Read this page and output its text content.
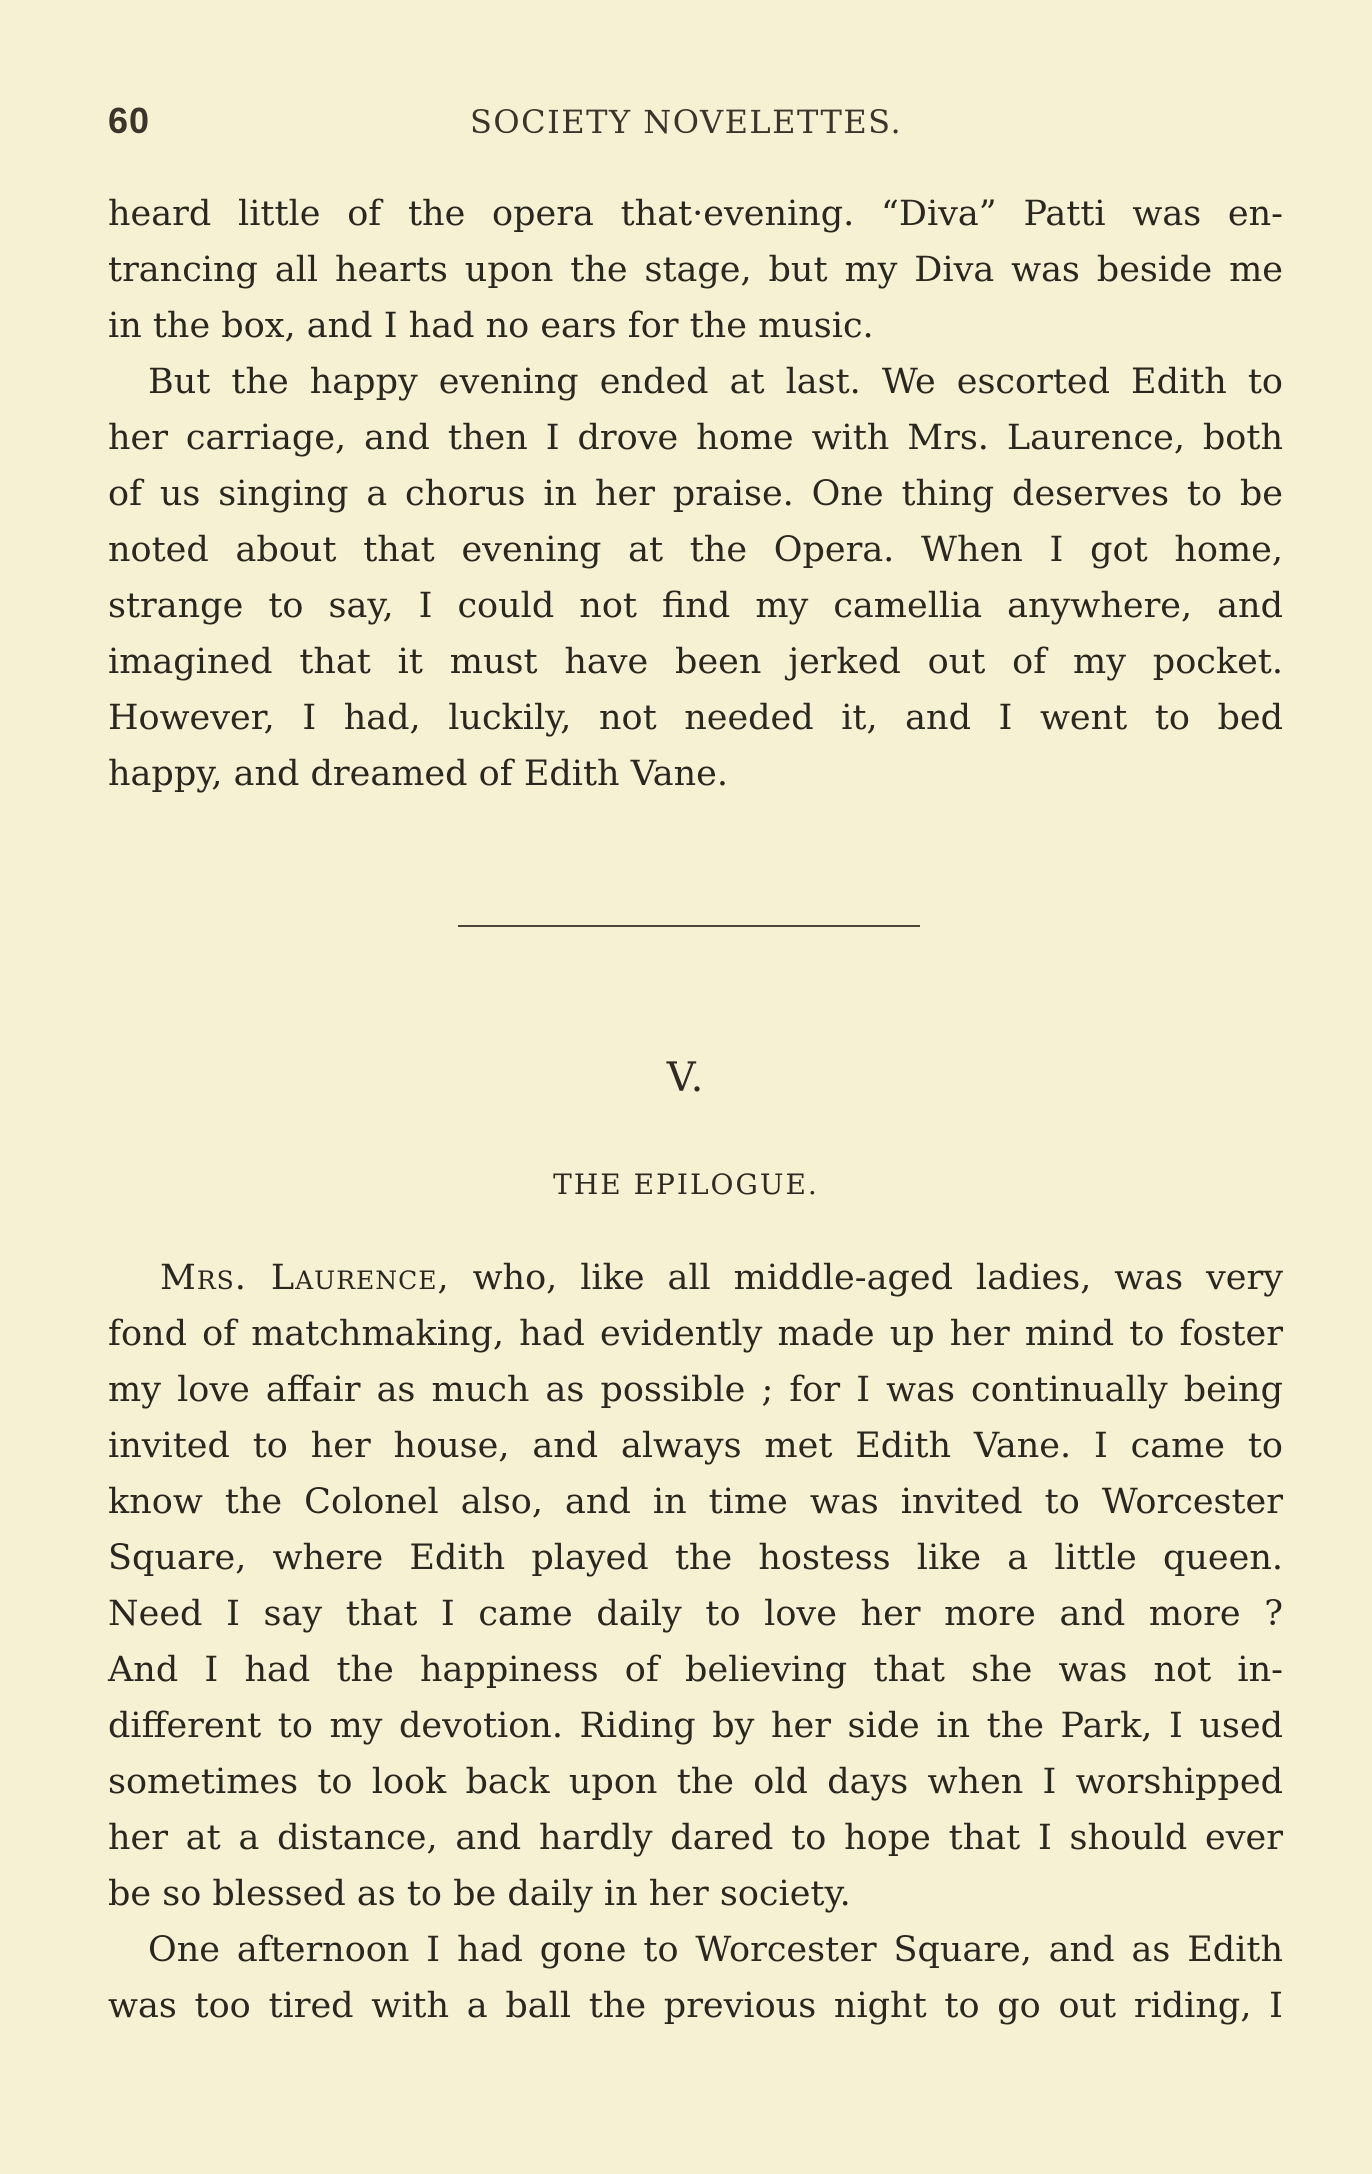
60	SOCIETY NOVELETTES.
heard little of the opera that·evening. “Diva” Patti was en-
trancing all hearts upon the stage, but my Diva was beside me
in the box, and I had no ears for the music.
But the happy evening ended at last. We escorted Edith to
her carriage, and then I drove home with Mrs. Laurence, both
of us singing a chorus in her praise. One thing deserves to be
noted about that evening at the Opera. When I got home,
strange to say, I could not find my camellia anywhere, and
imagined that it must have been jerked out of my pocket.
However, I had, luckily, not needed it, and I went to bed
happy, and dreamed of Edith Vane.
V.
THE EPILOGUE.
Mrs. Laurence, who, like all middle-aged ladies, was very
fond of matchmaking, had evidently made up her mind to foster
my love affair as much as possible ; for I was continually being
invited to her house, and always met Edith Vane. I came to
know the Colonel also, and in time was invited to Worcester
Square, where Edith played the hostess like a little queen.
Need I say that I came daily to love her more and more ?
And I had the happiness of believing that she was not in-
different to my devotion. Riding by her side in the Park, I used
sometimes to look back upon the old days when I worshipped
her at a distance, and hardly dared to hope that I should ever
be so blessed as to be daily in her society.
One afternoon I had gone to Worcester Square, and as Edith
was too tired with a ball the previous night to go out riding, I
